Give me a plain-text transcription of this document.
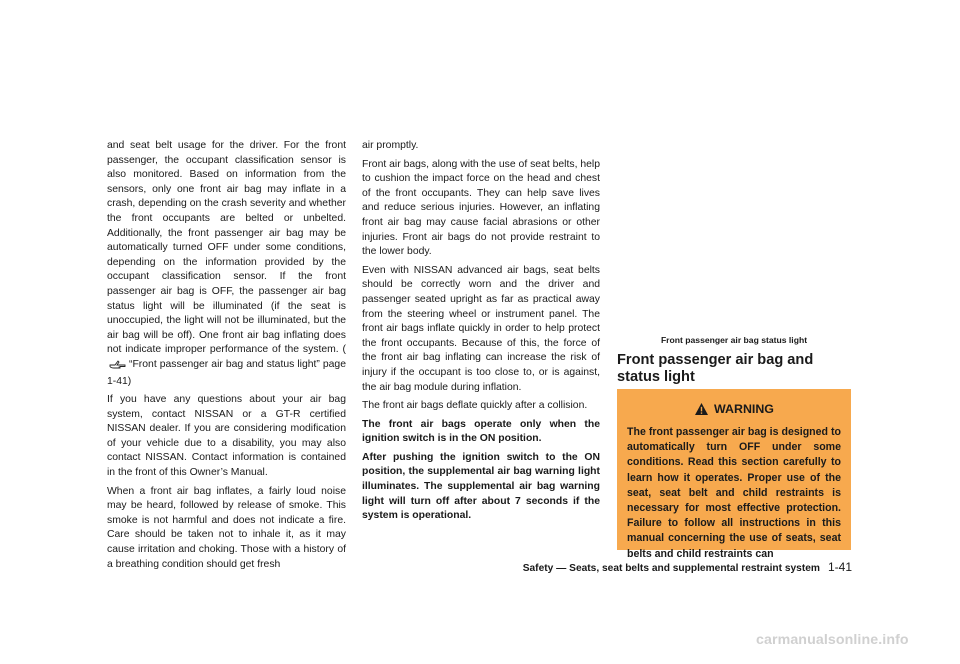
and seat belt usage for the driver. For the front passenger, the occupant classification sensor is also monitored. Based on information from the sensors, only one front air bag may inflate in a crash, depending on the crash severity and whether the front occupants are belted or unbelted. Additionally, the front passenger air bag may be automatically turned OFF under some conditions, depending on the information provided by the occupant classification sensor. If the front passenger air bag is OFF, the passenger air bag status light will be illuminated (if the seat is unoccupied, the light will not be illuminated, but the air bag will be off). One front air bag inflating does not indicate improper performance of the system. (“Front passenger air bag and status light” page 1-41)

If you have any questions about your air bag system, contact NISSAN or a GT-R certified NISSAN dealer. If you are considering modification of your vehicle due to a disability, you may also contact NISSAN. Contact information is contained in the front of this Owner’s Manual.

When a front air bag inflates, a fairly loud noise may be heard, followed by release of smoke. This smoke is not harmful and does not indicate a fire. Care should be taken not to inhale it, as it may cause irritation and choking. Those with a history of a breathing condition should get fresh

air promptly.

Front air bags, along with the use of seat belts, help to cushion the impact force on the head and chest of the front occupants. They can help save lives and reduce serious injuries. However, an inflating front air bag may cause facial abrasions or other injuries. Front air bags do not provide restraint to the lower body.

Even with NISSAN advanced air bags, seat belts should be correctly worn and the driver and passenger seated upright as far as practical away from the steering wheel or instrument panel. The front air bags inflate quickly in order to help protect the front occupants. Because of this, the force of the front air bag inflating can increase the risk of injury if the occupant is too close to, or is against, the air bag module during inflation.

The front air bags deflate quickly after a collision.

The front air bags operate only when the ignition switch is in the ON position.

After pushing the ignition switch to the ON position, the supplemental air bag warning light illuminates. The supplemental air bag warning light will turn off after about 7 seconds if the system is operational.

Front passenger air bag status light
Front passenger air bag and status light
WARNING
The front passenger air bag is designed to automatically turn OFF under some conditions. Read this section carefully to learn how it operates. Proper use of the seat, seat belt and child restraints is necessary for most effective protection. Failure to follow all instructions in this manual concerning the use of seats, seat belts and child restraints can
Safety — Seats, seat belts and supplemental restraint system 1-41
carmanualsonline.info
